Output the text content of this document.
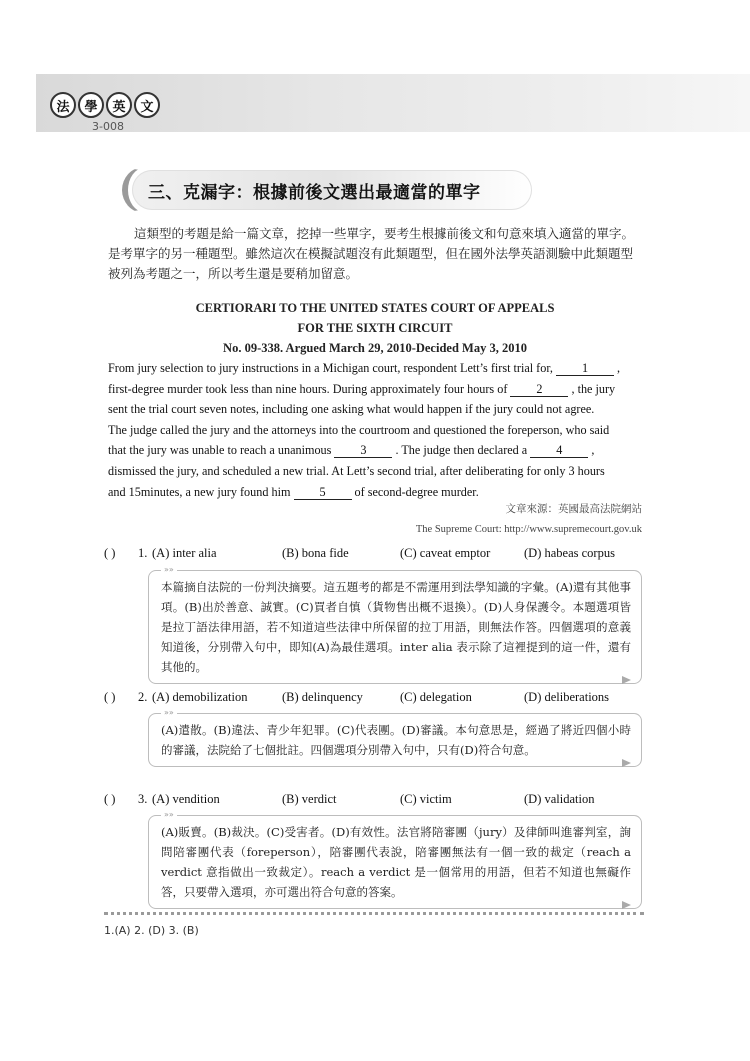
法	學	英	文
3-008
三、克漏字：根據前後文選出最適當的單字
這類型的考題是給一篇文章，挖掉一些單字，要考生根據前後文和句意來填入適當的單字。是考單字的另一種題型。雖然這次在模擬試題沒有此類題型，但在國外法學英語測驗中此類題型被列為考題之一，所以考生還是要稍加留意。
CERTIORARI TO THE UNITED STATES COURT OF APPEALS
FOR THE SIXTH CIRCUIT
No. 09-338. Argued March 29, 2010-Decided May 3, 2010
From jury selection to jury instructions in a Michigan court, respondent Lett’s first trial for, 1 ,
first-degree murder took less than nine hours. During approximately four hours of 2 , the jury
sent the trial court seven notes, including one asking what would happen if the jury could not agree.
The judge called the jury and the attorneys into the courtroom and questioned the foreperson, who said
that the jury was unable to reach a unanimous 3 . The judge then declared a 4 ,
dismissed the jury, and scheduled a new trial. At Lett’s second trial, after deliberating for only 3 hours
and 15minutes, a new jury found him 5 of second-degree murder.
文章來源：英國最高法院網站
The Supreme Court: http://www.supremecourt.gov.uk
( ) 1. (A) inter alia	(B) bona fide	(C) caveat emptor	(D) habeas corpus
»»
本篇摘自法院的一份判決摘要。這五題考的都是不需運用到法學知識的字彙。(A)還有其他事項。(B)出於善意、誠實。(C)買者自慎（貨物售出概不退換）。(D)人身保護令。本題選項皆是拉丁語法律用語，若不知道這些法律中所保留的拉丁用語，則無法作答。四個選項的意義知道後，分別帶入句中，即知(A)為最佳選項。inter alia 表示除了這裡提到的這一件，還有其他的。
( ) 2. (A) demobilization	(B) delinquency	(C) delegation	(D) deliberations
»»
(A)遣散。(B)違法、青少年犯罪。(C)代表團。(D)審議。本句意思是，經過了將近四個小時的審議，法院給了七個批註。四個選項分別帶入句中，只有(D)符合句意。
( ) 3. (A) vendition	(B) verdict	(C) victim	(D) validation
»»
(A)販賣。(B)裁決。(C)受害者。(D)有效性。法官將陪審團（jury）及律師叫進審判室，詢問陪審團代表（foreperson），陪審團代表說，陪審團無法有一個一致的裁定（reach a verdict 意指做出一致裁定）。reach a verdict 是一個常用的用語，但若不知道也無礙作答，只要帶入選項，亦可選出符合句意的答案。
1.(A) 2. (D) 3. (B)
